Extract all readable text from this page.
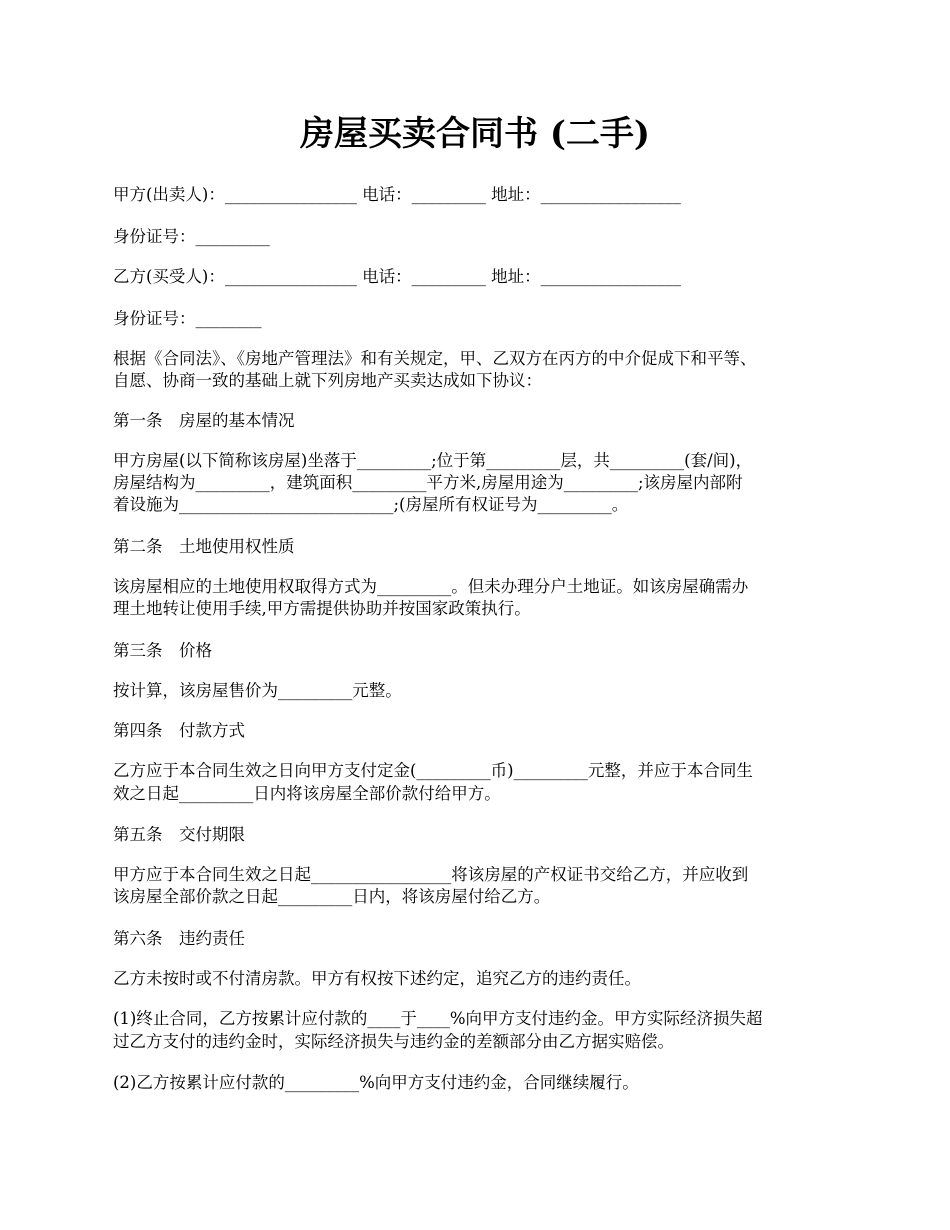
房屋买卖合同书 (二手)

甲方(出卖人)：________________ 电话：_________ 地址：_________________

身份证号：_________

乙方(买受人)：________________ 电话：_________ 地址：_________________

身份证号：________

根据《合同法》、《房地产管理法》和有关规定，甲、乙双方在丙方的中介促成下和平等、

自愿、协商一致的基础上就下列房地产买卖达成如下协议：

第一条　房屋的基本情况

甲方房屋(以下简称该房屋)坐落于_________;位于第_________层，共_________(套/间)，

房屋结构为_________，建筑面积_________平方米,房屋用途为_________;该房屋内部附

着设施为__________________________;(房屋所有权证号为_________。

第二条　土地使用权性质

该房屋相应的土地使用权取得方式为_________。但未办理分户土地证。如该房屋确需办

理土地转让使用手续,甲方需提供协助并按国家政策执行。

第三条　价格

按计算，该房屋售价为_________元整。

第四条　付款方式

乙方应于本合同生效之日向甲方支付定金(_________币)_________元整，并应于本合同生

效之日起_________日内将该房屋全部价款付给甲方。

第五条　交付期限

甲方应于本合同生效之日起_________________将该房屋的产权证书交给乙方，并应收到

该房屋全部价款之日起_________日内，将该房屋付给乙方。

第六条　违约责任

乙方未按时或不付清房款。甲方有权按下述约定，追究乙方的违约责任。

(1)终止合同，乙方按累计应付款的____于____%向甲方支付违约金。甲方实际经济损失超

过乙方支付的违约金时，实际经济损失与违约金的差额部分由乙方据实赔偿。

(2)乙方按累计应付款的_________%向甲方支付违约金，合同继续履行。
